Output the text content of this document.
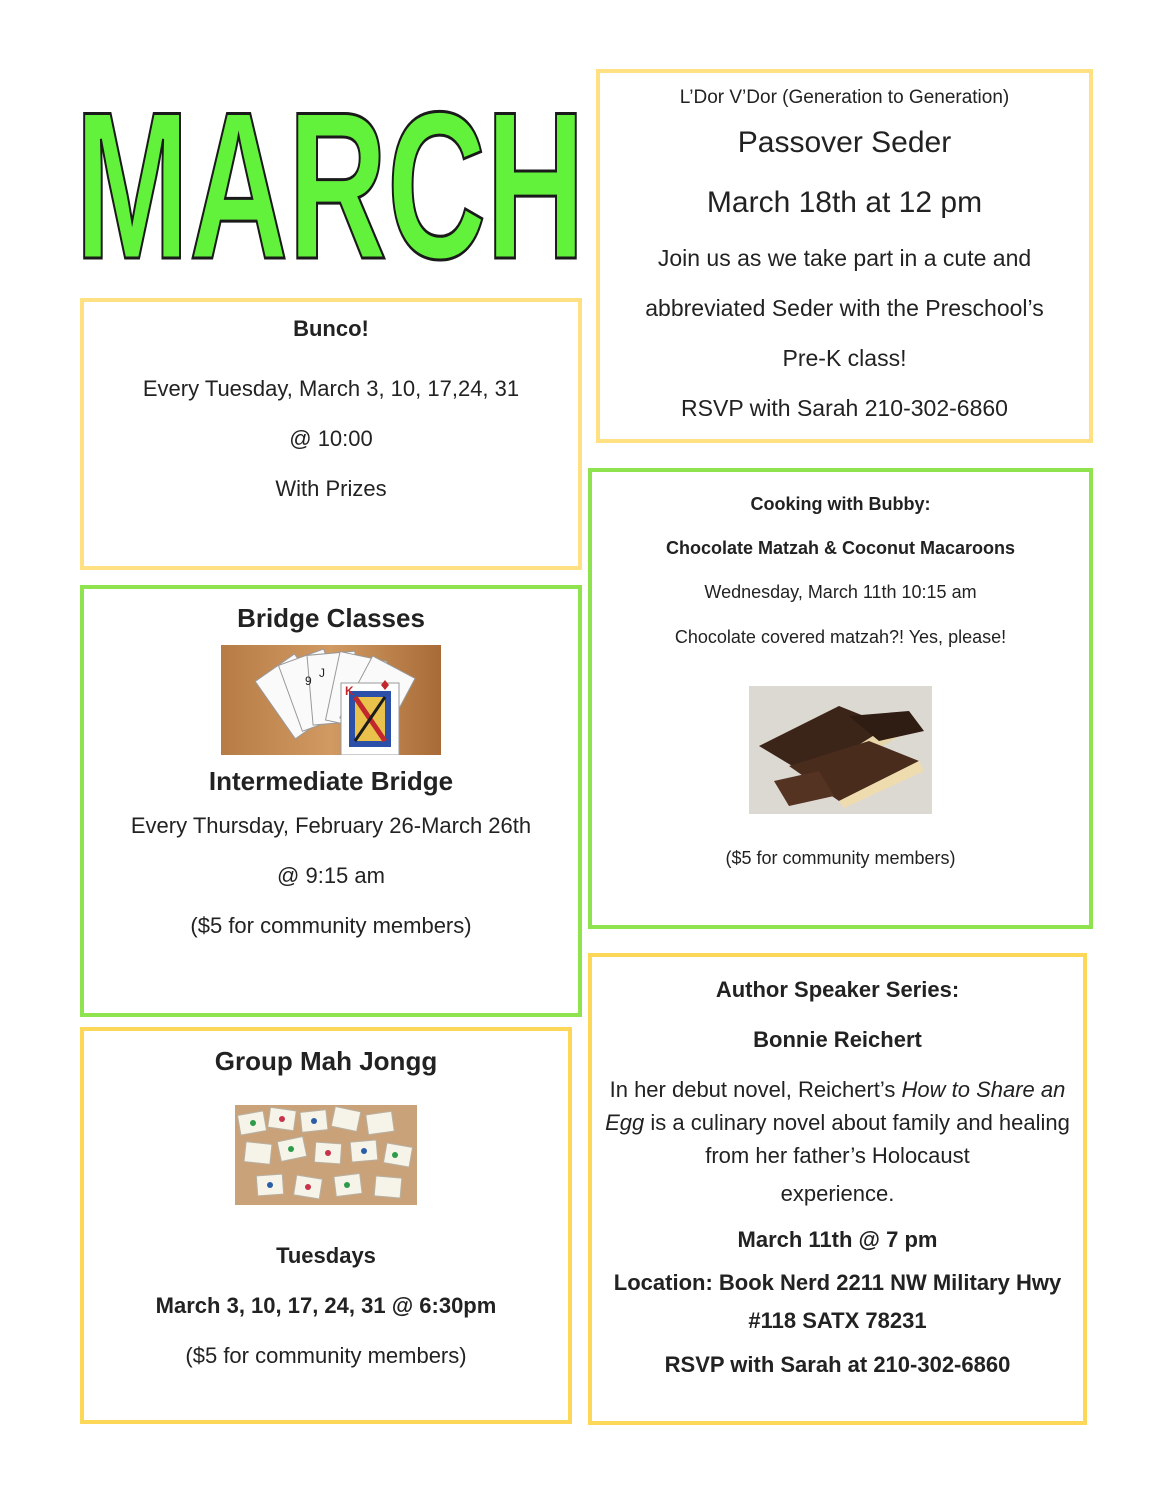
MARCH

Bunco!

Every Tuesday, March 3, 10, 17,24, 31

@ 10:00

With Prizes

L’Dor V’Dor (Generation to Generation)

Passover Seder

March 18th at 12 pm

Join us as we take part in a cute and

abbreviated Seder with the Preschool’s

Pre-K class!

RSVP with Sarah 210-302-6860

Bridge Classes

K
9
J

Intermediate Bridge

Every Thursday, February 26-March 26th

@ 9:15 am

($5 for community members)

Cooking with Bubby:

Chocolate Matzah & Coconut Macaroons

Wednesday, March 11th 10:15 am

Chocolate covered matzah?! Yes, please!

($5 for community members)

Author Speaker Series:

Bonnie Reichert

In her debut novel, Reichert’s How to Share an Egg is a culinary novel about family and healing from her father’s Holocaust

experience.

March 11th @ 7 pm

Location: Book Nerd 2211 NW Military Hwy

#118 SATX 78231

RSVP with Sarah at 210-302-6860

Group Mah Jongg

Tuesdays

March 3, 10, 17, 24, 31 @ 6:30pm

($5 for community members)
